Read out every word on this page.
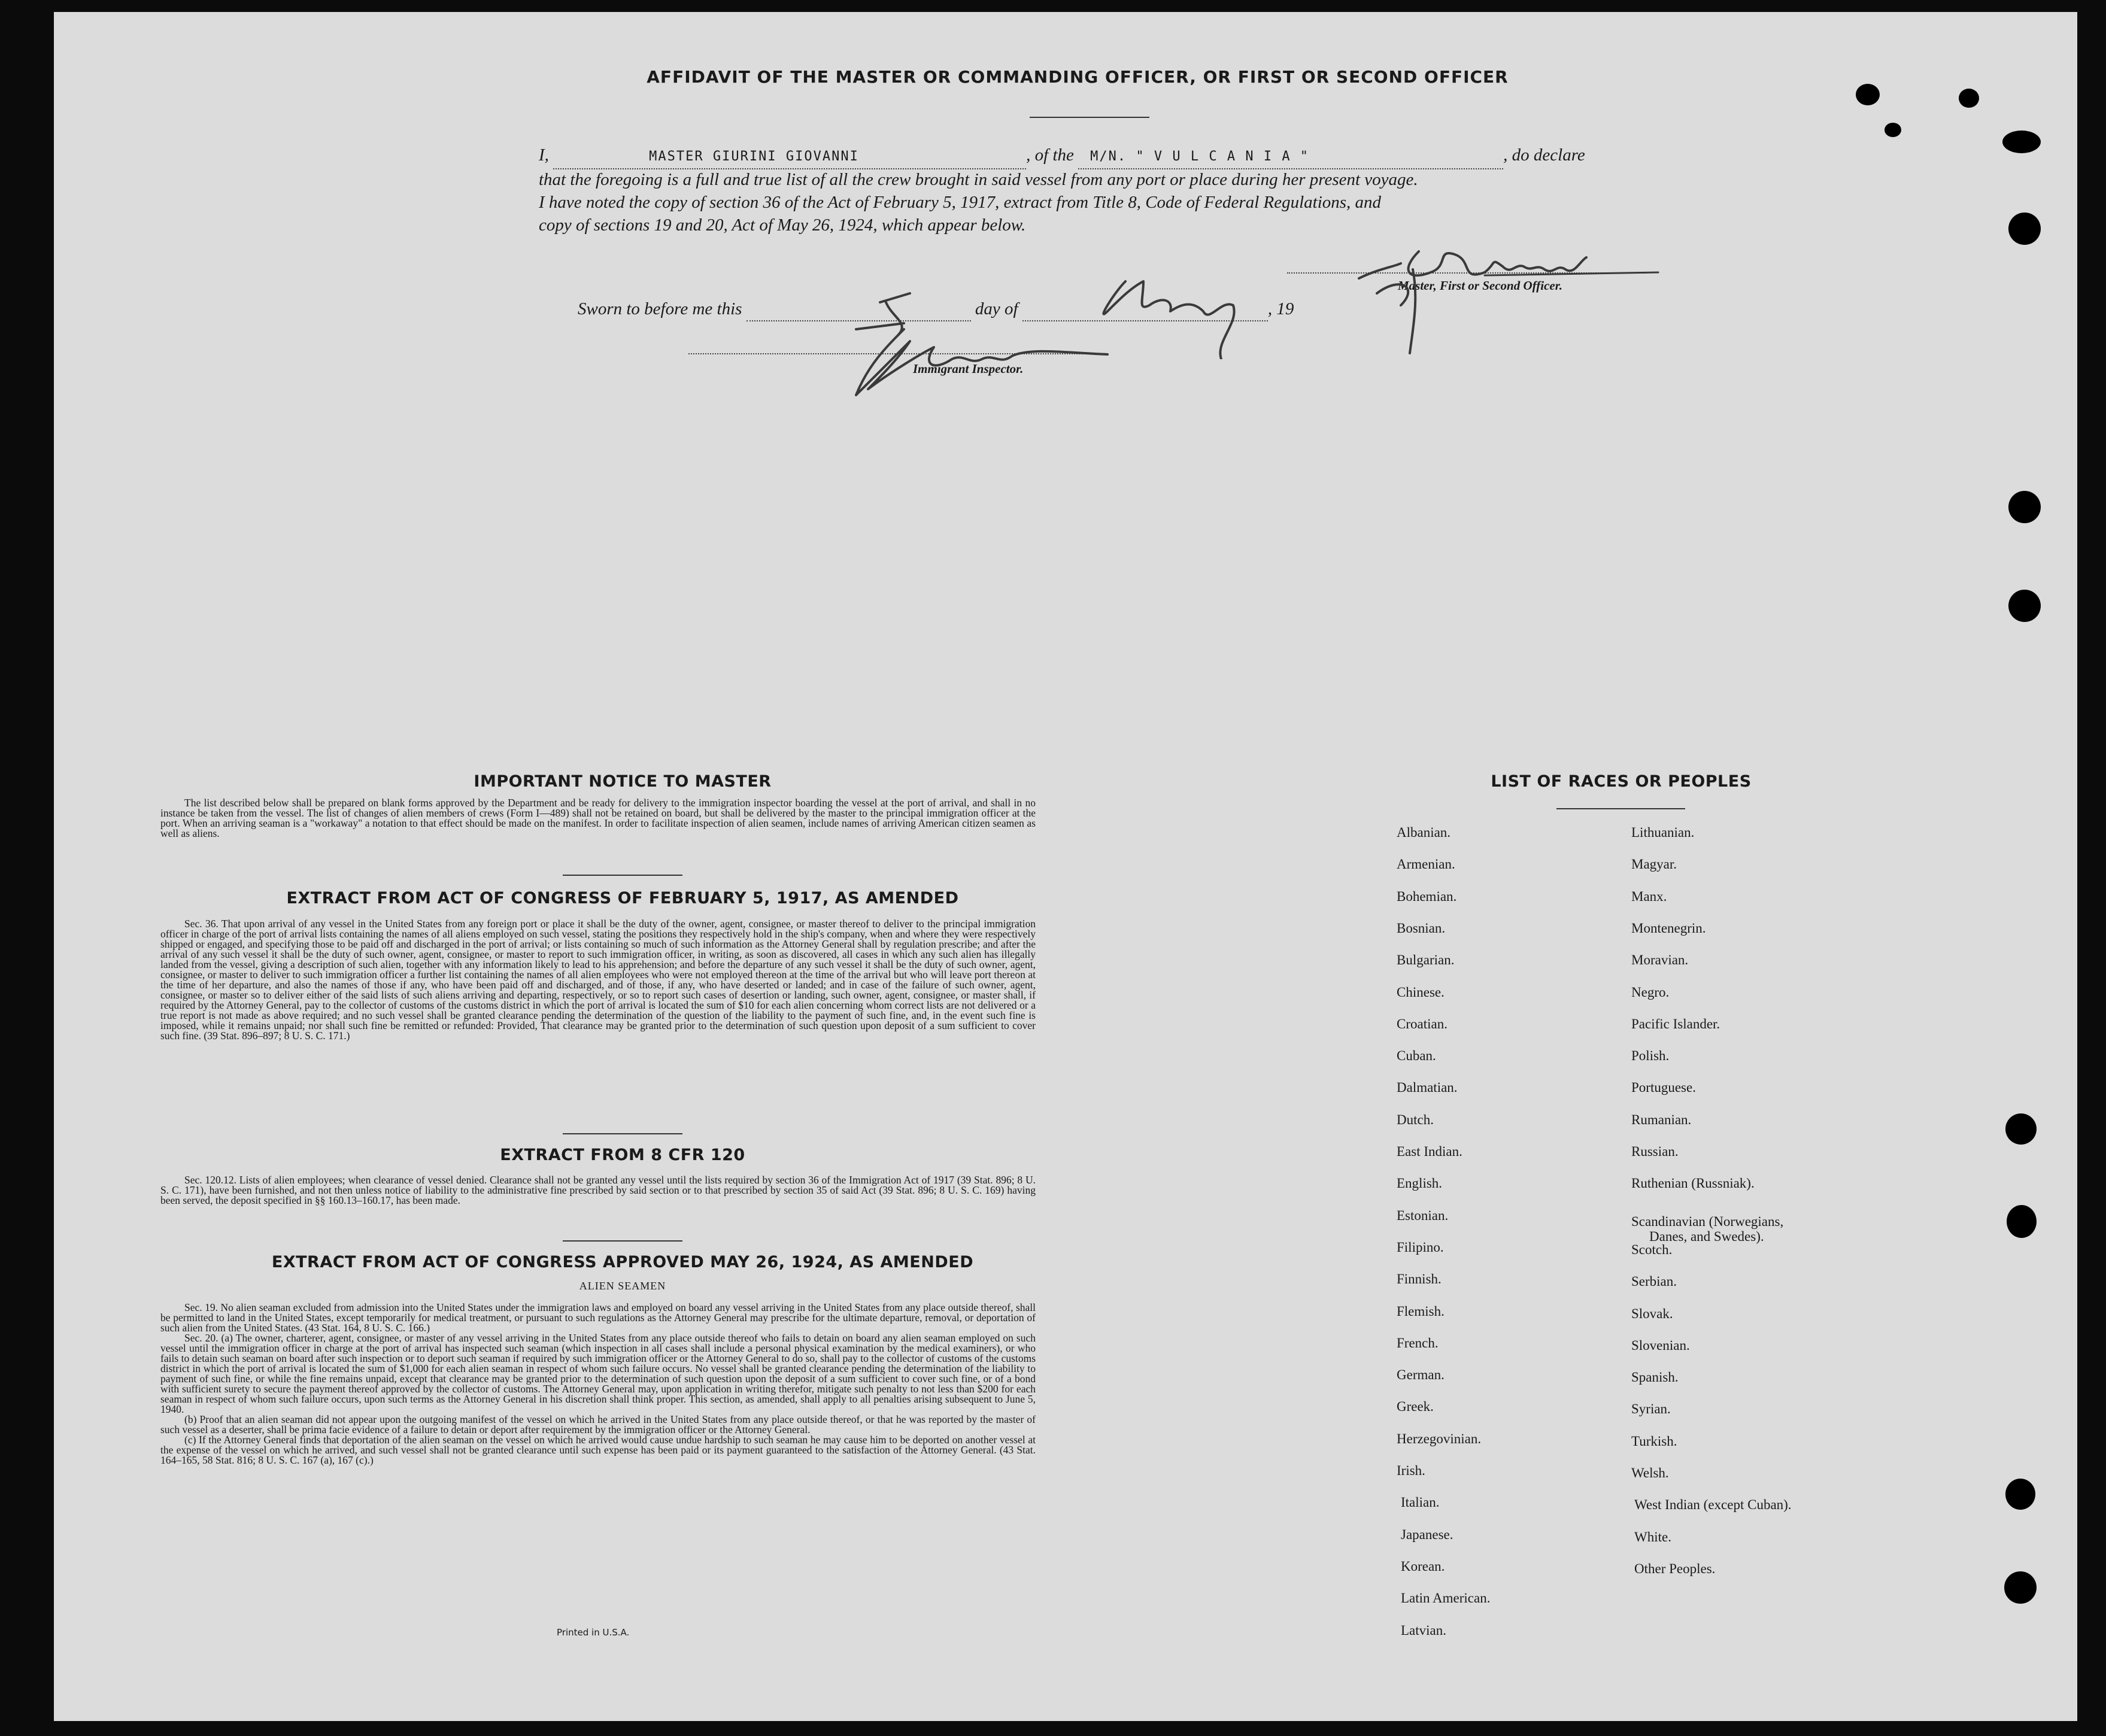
AFFIDAVIT OF THE MASTER OR COMMANDING OFFICER, OR FIRST OR SECOND OFFICER
I,	MASTER GIURINI GIOVANNI	, of the M/N. " V U L C A N I A "	, do declare
that the foregoing is a full and true list of all the crew brought in said vessel from any port or place during her present voyage.
I have noted the copy of section 36 of the Act of February 5, 1917, extract from Title 8, Code of Federal Regulations, and
copy of sections 19 and 20, Act of May 26, 1924, which appear below.
Master, First or Second Officer.
Sworn to before me this	day of	, 19
Immigrant Inspector.
IMPORTANT NOTICE TO MASTER
The list described below shall be prepared on blank forms approved by the Department and be ready for delivery to the immigration inspector boarding the vessel at the port of arrival, and shall in no instance be taken from the vessel. The list of changes of alien members of crews (Form I—489) shall not be retained on board, but shall be delivered by the master to the principal immigration officer at the port. When an arriving seaman is a "workaway" a notation to that effect should be made on the manifest. In order to facilitate inspection of alien seamen, include names of arriving American citizen seamen as well as aliens.
EXTRACT FROM ACT OF CONGRESS OF FEBRUARY 5, 1917, AS AMENDED
Sec. 36. That upon arrival of any vessel in the United States from any foreign port or place it shall be the duty of the owner, agent, consignee, or master thereof to deliver to the principal immigration officer in charge of the port of arrival lists containing the names of all aliens employed on such vessel, stating the positions they respectively hold in the ship's company, when and where they were respectively shipped or engaged, and specifying those to be paid off and discharged in the port of arrival; or lists containing so much of such information as the Attorney General shall by regulation prescribe; and after the arrival of any such vessel it shall be the duty of such owner, agent, consignee, or master to report to such immigration officer, in writing, as soon as discovered, all cases in which any such alien has illegally landed from the vessel, giving a description of such alien, together with any information likely to lead to his apprehension; and before the departure of any such vessel it shall be the duty of such owner, agent, consignee, or master to deliver to such immigration officer a further list containing the names of all alien employees who were not employed thereon at the time of the arrival but who will leave port thereon at the time of her departure, and also the names of those if any, who have been paid off and discharged, and of those, if any, who have deserted or landed; and in case of the failure of such owner, agent, consignee, or master so to deliver either of the said lists of such aliens arriving and departing, respectively, or so to report such cases of desertion or landing, such owner, agent, consignee, or master shall, if required by the Attorney General, pay to the collector of customs of the customs district in which the port of arrival is located the sum of $10 for each alien concerning whom correct lists are not delivered or a true report is not made as above required; and no such vessel shall be granted clearance pending the determination of the question of the liability to the payment of such fine, and, in the event such fine is imposed, while it remains unpaid; nor shall such fine be remitted or refunded: Provided, That clearance may be granted prior to the determination of such question upon deposit of a sum sufficient to cover such fine. (39 Stat. 896–897; 8 U. S. C. 171.)
EXTRACT FROM 8 CFR 120
Sec. 120.12. Lists of alien employees; when clearance of vessel denied. Clearance shall not be granted any vessel until the lists required by section 36 of the Immigration Act of 1917 (39 Stat. 896; 8 U. S. C. 171), have been furnished, and not then unless notice of liability to the administrative fine prescribed by said section or to that prescribed by section 35 of said Act (39 Stat. 896; 8 U. S. C. 169) having been served, the deposit specified in §§ 160.13–160.17, has been made.
EXTRACT FROM ACT OF CONGRESS APPROVED MAY 26, 1924, AS AMENDED
ALIEN SEAMEN
Sec. 19. No alien seaman excluded from admission into the United States under the immigration laws and employed on board any vessel arriving in the United States from any place outside thereof, shall be permitted to land in the United States, except temporarily for medical treatment, or pursuant to such regulations as the Attorney General may prescribe for the ultimate departure, removal, or deportation of such alien from the United States. (43 Stat. 164, 8 U. S. C. 166.)
Sec. 20. (a) The owner, charterer, agent, consignee, or master of any vessel arriving in the United States from any place outside thereof who fails to detain on board any alien seaman employed on such vessel until the immigration officer in charge at the port of arrival has inspected such seaman (which inspection in all cases shall include a personal physical examination by the medical examiners), or who fails to detain such seaman on board after such inspection or to deport such seaman if required by such immigration officer or the Attorney General to do so, shall pay to the collector of customs of the customs district in which the port of arrival is located the sum of $1,000 for each alien seaman in respect of whom such failure occurs. No vessel shall be granted clearance pending the determination of the liability to payment of such fine, or while the fine remains unpaid, except that clearance may be granted prior to the determination of such question upon the deposit of a sum sufficient to cover such fine, or of a bond with sufficient surety to secure the payment thereof approved by the collector of customs. The Attorney General may, upon application in writing therefor, mitigate such penalty to not less than $200 for each seaman in respect of whom such failure occurs, upon such terms as the Attorney General in his discretion shall think proper. This section, as amended, shall apply to all penalties arising subsequent to June 5, 1940.
(b) Proof that an alien seaman did not appear upon the outgoing manifest of the vessel on which he arrived in the United States from any place outside thereof, or that he was reported by the master of such vessel as a deserter, shall be prima facie evidence of a failure to detain or deport after requirement by the immigration officer or the Attorney General.
(c) If the Attorney General finds that deportation of the alien seaman on the vessel on which he arrived would cause undue hardship to such seaman he may cause him to be deported on another vessel at the expense of the vessel on which he arrived, and such vessel shall not be granted clearance until such expense has been paid or its payment guaranteed to the satisfaction of the Attorney General. (43 Stat. 164–165, 58 Stat. 816; 8 U. S. C. 167 (a), 167 (c).)
Printed in U.S.A.
LIST OF RACES OR PEOPLES
Albanian.
Armenian.
Bohemian.
Bosnian.
Bulgarian.
Chinese.
Croatian.
Cuban.
Dalmatian.
Dutch.
East Indian.
English.
Estonian.
Filipino.
Finnish.
Flemish.
French.
German.
Greek.
Herzegovinian.
Irish.
Italian.
Japanese.
Korean.
Latin American.
Latvian.
Lithuanian.
Magyar.
Manx.
Montenegrin.
Moravian.
Negro.
Pacific Islander.
Polish.
Portuguese.
Rumanian.
Russian.
Ruthenian (Russniak).
Scandinavian (Norwegians,
Danes, and Swedes).
Scotch.
Serbian.
Slovak.
Slovenian.
Spanish.
Syrian.
Turkish.
Welsh.
West Indian (except Cuban).
White.
Other Peoples.
